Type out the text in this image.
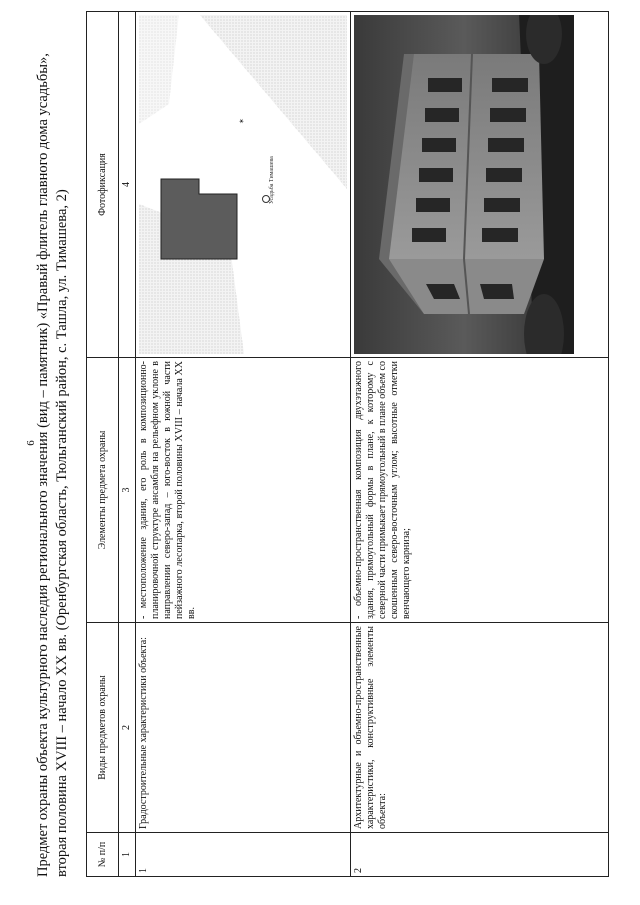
6
Предмет охраны объекта культурного наследия регионального значения (вид – памятник) «Правый флигель главного дома усадьбы», вторая половина XVIII – начало XX вв. (Оренбургская область, Тюльганский район, с. Ташла, ул. Тимашева, 2)	№ п/п	Виды предметов охраны	Элементы предмета охраны	Фотофиксация
1	2	3	4
1	Градостроительные характеристики объекта:	- местоположение здания, его роль в композиционно-планировочной структуре ансамбля на рельефном уклоне в направлении северо-запад – юго-восток в южной части пейзажного лесопарка, второй половины XVIII – начала XX вв.	✶
Усадьба Тимашева

2	Архитектурные и объемно-пространственные характеристики, конструктивные элементы объекта:	- объемно-пространственная композиция двухэтажного здания, прямоугольный формы в плане, к которому с северной части примыкает прямоугольный в плане объем со скошенным северо-восточным углом; высотные отметки венчающего карниза;	
